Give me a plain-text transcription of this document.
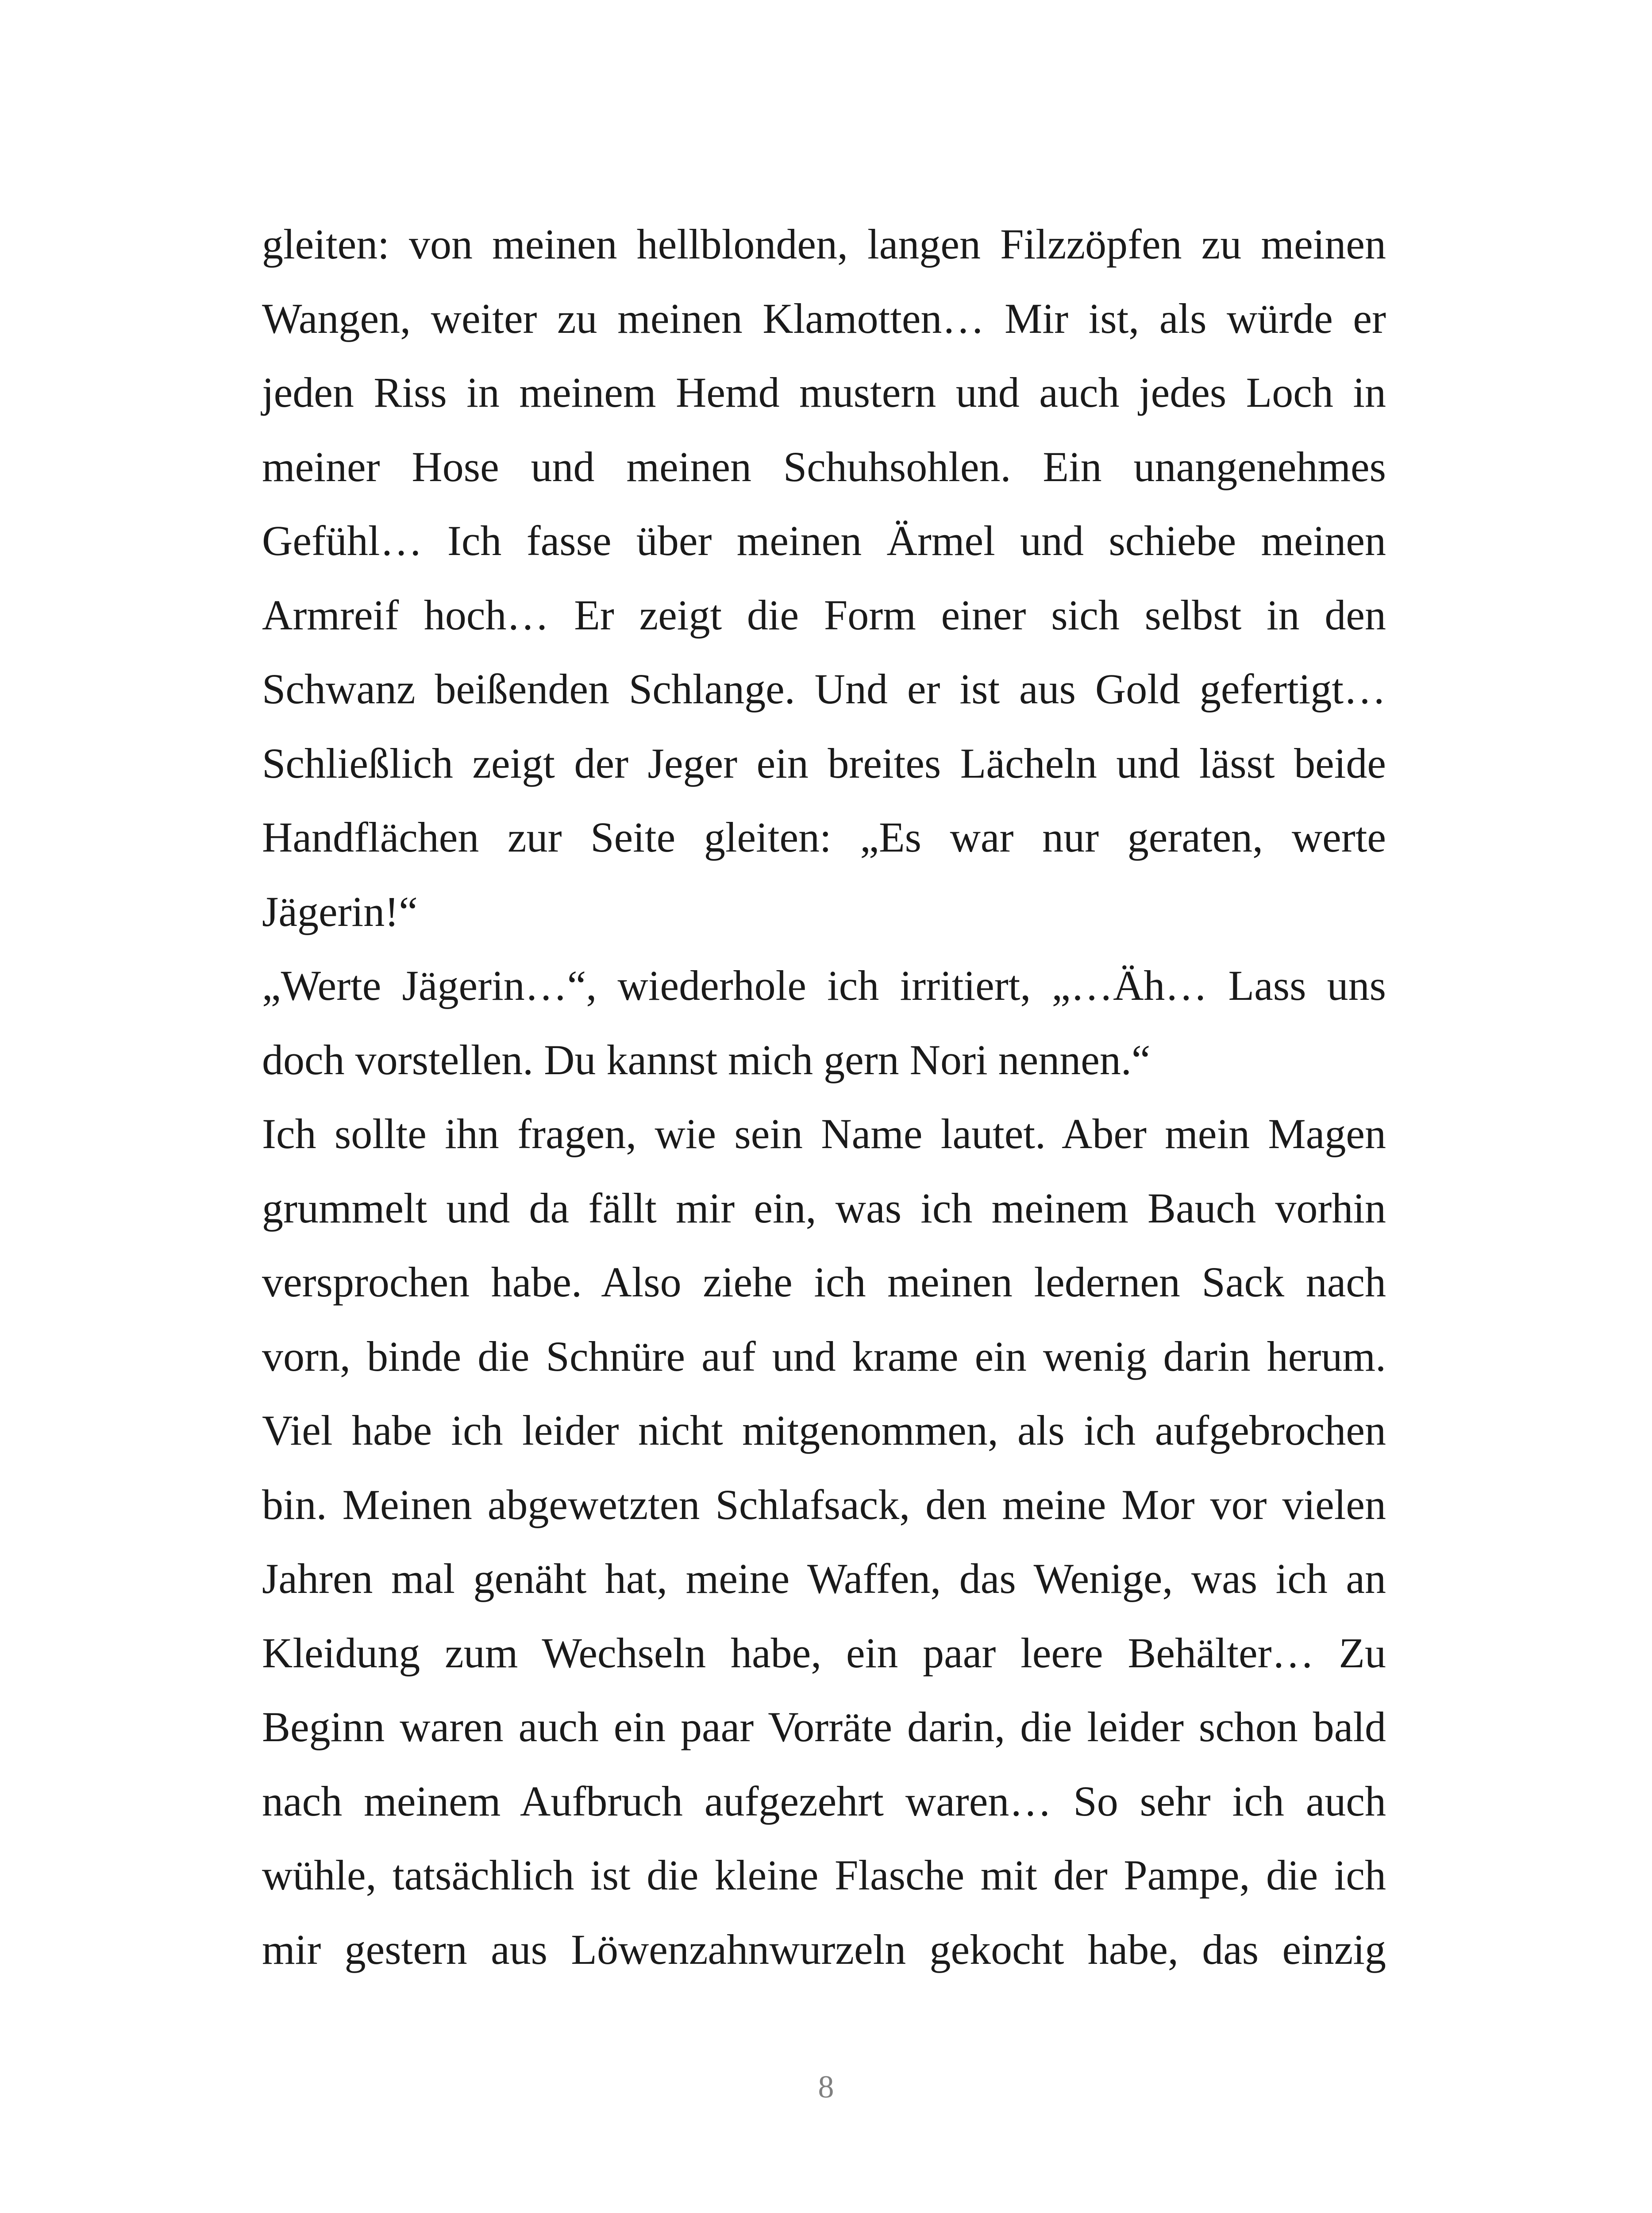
gleiten: von meinen hellblonden, langen Filzzöpfen zu meinen
Wangen, weiter zu meinen Klamotten… Mir ist, als würde er
jeden Riss in meinem Hemd mustern und auch jedes Loch in
meiner Hose und meinen Schuhsohlen. Ein unangenehmes
Gefühl… Ich fasse über meinen Ärmel und schiebe meinen
Armreif hoch… Er zeigt die Form einer sich selbst in den
Schwanz beißenden Schlange. Und er ist aus Gold gefertigt…
Schließlich zeigt der Jeger ein breites Lächeln und lässt beide
Handflächen zur Seite gleiten: „Es war nur geraten, werte
Jägerin!“
„Werte Jägerin…“, wiederhole ich irritiert, „…Äh… Lass uns
doch vorstellen. Du kannst mich gern Nori nennen.“
Ich sollte ihn fragen, wie sein Name lautet. Aber mein Magen
grummelt und da fällt mir ein, was ich meinem Bauch vorhin
versprochen habe. Also ziehe ich meinen ledernen Sack nach
vorn, binde die Schnüre auf und krame ein wenig darin herum.
Viel habe ich leider nicht mitgenommen, als ich aufgebrochen
bin. Meinen abgewetzten Schlafsack, den meine Mor vor vielen
Jahren mal genäht hat, meine Waffen, das Wenige, was ich an
Kleidung zum Wechseln habe, ein paar leere Behälter… Zu
Beginn waren auch ein paar Vorräte darin, die leider schon bald
nach meinem Aufbruch aufgezehrt waren… So sehr ich auch
wühle, tatsächlich ist die kleine Flasche mit der Pampe, die ich
mir gestern aus Löwenzahnwurzeln gekocht habe, das einzig
8
